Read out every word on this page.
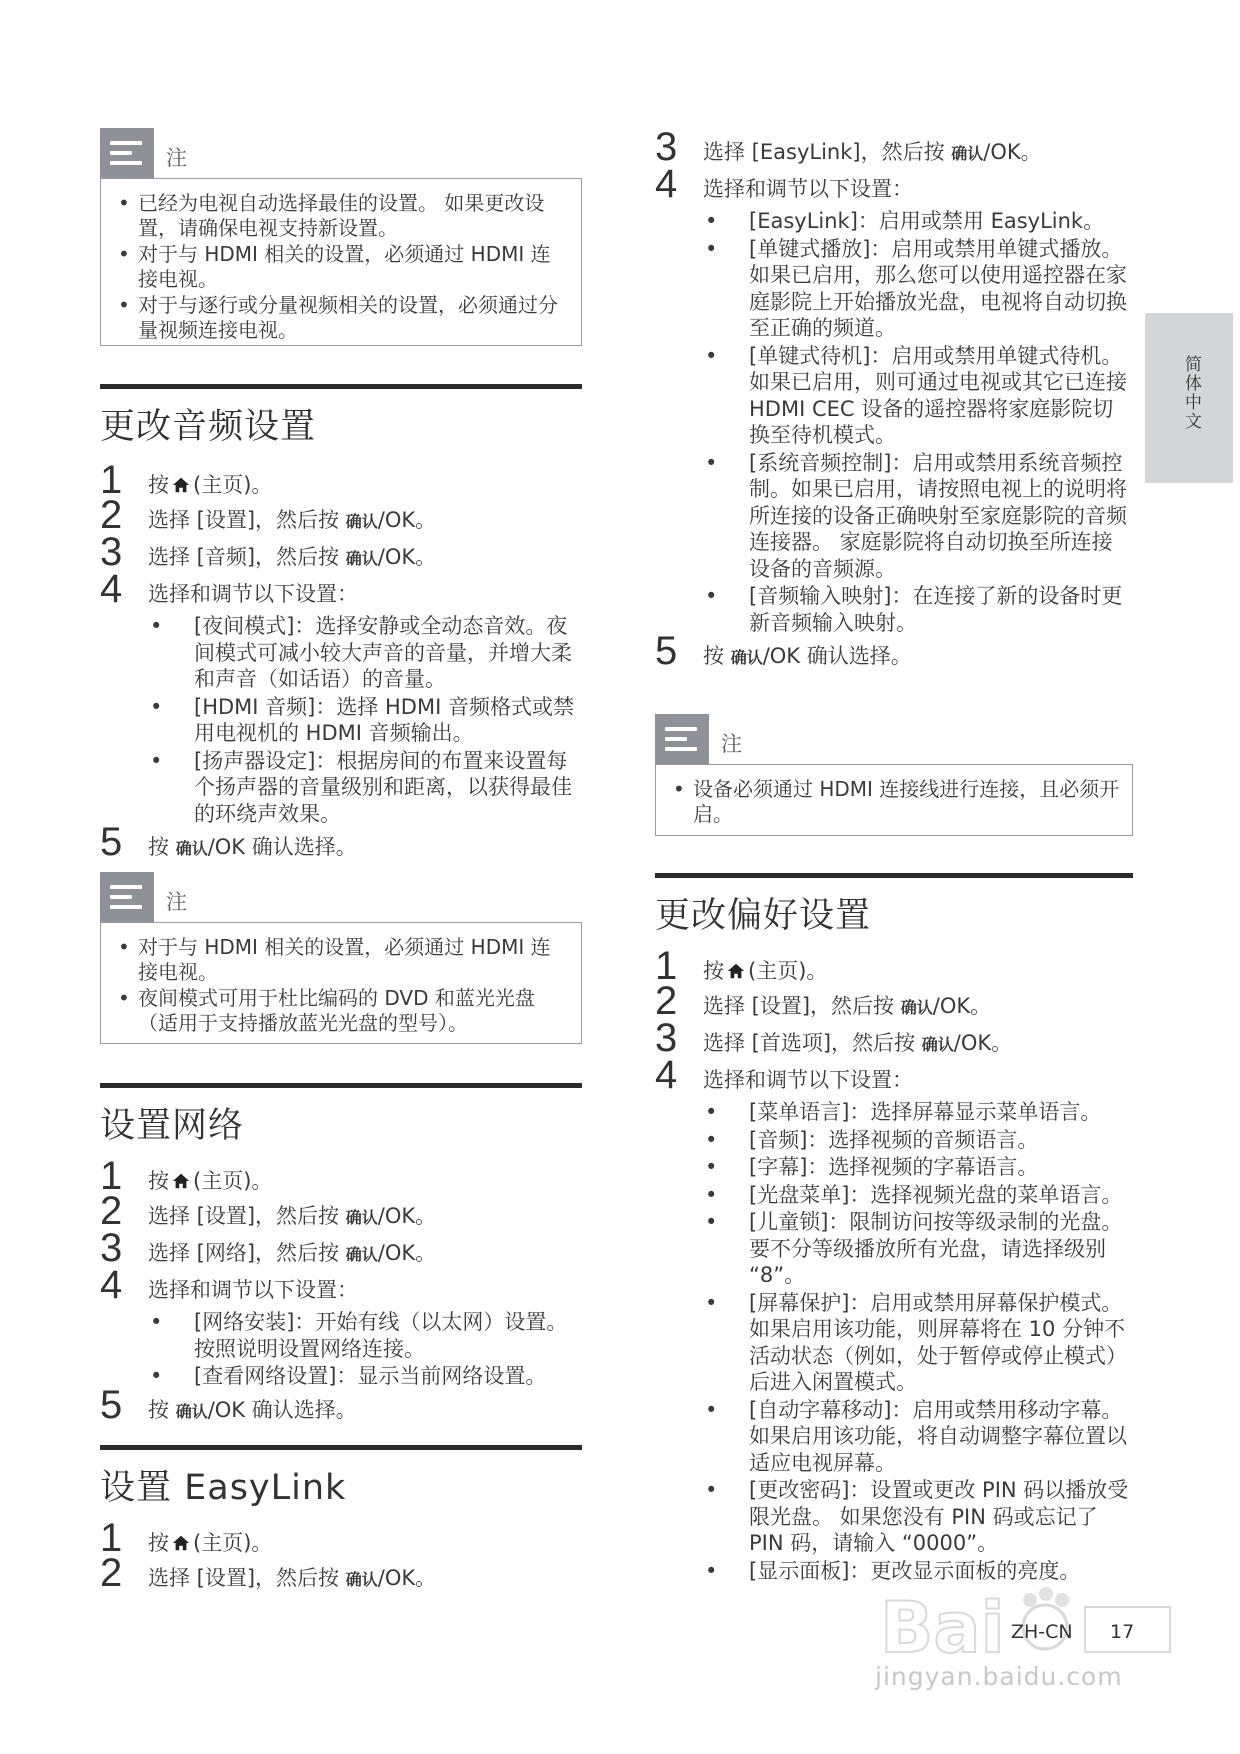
简体中文
注
• 已经为电视自动选择最佳的设置。 如果更改设置，请确保电视支持新设置。
• 对于与 HDMI 相关的设置，必须通过 HDMI 连接电视。
• 对于与逐行或分量视频相关的设置，必须通过分量视频连接电视。
更改音频设置
1 按 (主页)。
2 选择 [设置]，然后按 确认/OK。
3 选择 [音频]，然后按 确认/OK。
4 选择和调节以下设置：
• [夜间模式]：选择安静或全动态音效。夜间模式可减小较大声音的音量，并增大柔和声音（如话语）的音量。
• [HDMI 音频]：选择 HDMI 音频格式或禁用电视机的 HDMI 音频输出。
• [扬声器设定]：根据房间的布置来设置每个扬声器的音量级别和距离，以获得最佳的环绕声效果。
5 按 确认/OK 确认选择。
注
• 对于与 HDMI 相关的设置，必须通过 HDMI 连接电视。
• 夜间模式可用于杜比编码的 DVD 和蓝光光盘（适用于支持播放蓝光光盘的型号）。
设置网络
1 按 (主页)。
2 选择 [设置]，然后按 确认/OK。
3 选择 [网络]，然后按 确认/OK。
4 选择和调节以下设置：
• [网络安装]：开始有线（以太网）设置。 按照说明设置网络连接。
• [查看网络设置]：显示当前网络设置。
5 按 确认/OK 确认选择。
设置 EasyLink
1 按 (主页)。
2 选择 [设置]，然后按 确认/OK。
3 选择 [EasyLink]，然后按 确认/OK。
4 选择和调节以下设置：
• [EasyLink]：启用或禁用 EasyLink。
• [单键式播放]：启用或禁用单键式播放。如果已启用，那么您可以使用遥控器在家庭影院上开始播放光盘，电视将自动切换至正确的频道。
• [单键式待机]：启用或禁用单键式待机。如果已启用，则可通过电视或其它已连接 HDMI CEC 设备的遥控器将家庭影院切换至待机模式。
• [系统音频控制]：启用或禁用系统音频控制。如果已启用，请按照电视上的说明将所连接的设备正确映射至家庭影院的音频连接器。 家庭影院将自动切换至所连接设备的音频源。
• [音频输入映射]：在连接了新的设备时更新音频输入映射。
5 按 确认/OK 确认选择。
注
• 设备必须通过 HDMI 连接线进行连接，且必须开启。
更改偏好设置
1 按 (主页)。
2 选择 [设置]，然后按 确认/OK。
3 选择 [首选项]，然后按 确认/OK。
4 选择和调节以下设置：
• [菜单语言]：选择屏幕显示菜单语言。
• [音频]：选择视频的音频语言。
• [字幕]：选择视频的字幕语言。
• [光盘菜单]：选择视频光盘的菜单语言。
• [儿童锁]：限制访问按等级录制的光盘。 要不分等级播放所有光盘，请选择级别 “8”。
• [屏幕保护]：启用或禁用屏幕保护模式。 如果启用该功能，则屏幕将在 10 分钟不活动状态（例如，处于暂停或停止模式）后进入闲置模式。
• [自动字幕移动]：启用或禁用移动字幕。 如果启用该功能，将自动调整字幕位置以适应电视屏幕。
• [更改密码]：设置或更改 PIN 码以播放受限光盘。 如果您没有 PIN 码或忘记了 PIN 码，请输入 “0000”。
• [显示面板]：更改显示面板的亮度。
Bai ZH-CN 17
jingyan.baidu.com
